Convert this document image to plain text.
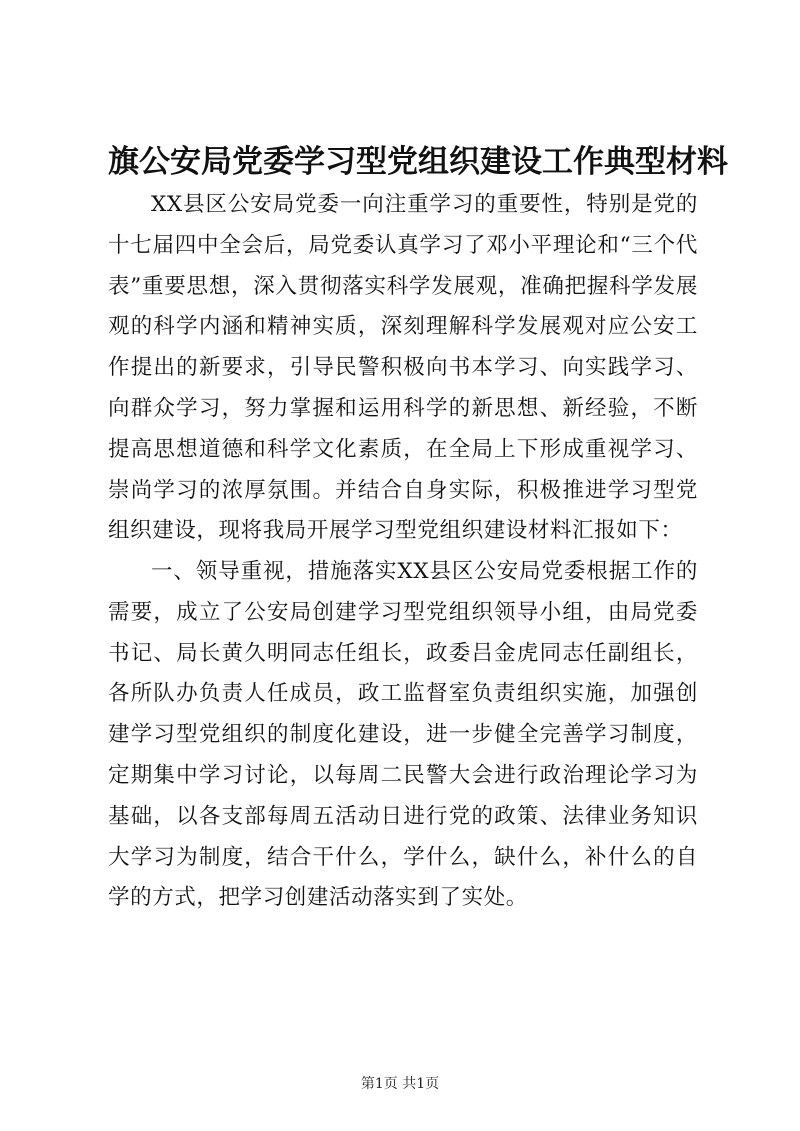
旗公安局党委学习型党组织建设工作典型材料

XX县区公安局党委一向注重学习的重要性，特别是党的十七届四中全会后，局党委认真学习了邓小平理论和“三个代表”重要思想，深入贯彻落实科学发展观，准确把握科学发展观的科学内涵和精神实质，深刻理解科学发展观对应公安工作提出的新要求，引导民警积极向书本学习、向实践学习、向群众学习，努力掌握和运用科学的新思想、新经验，不断提高思想道德和科学文化素质，在全局上下形成重视学习、崇尚学习的浓厚氛围。并结合自身实际，积极推进学习型党组织建设，现将我局开展学习型党组织建设材料汇报如下：

一、领导重视，措施落实XX县区公安局党委根据工作的需要，成立了公安局创建学习型党组织领导小组，由局党委书记、局长黄久明同志任组长，政委吕金虎同志任副组长，各所队办负责人任成员，政工监督室负责组织实施，加强创建学习型党组织的制度化建设，进一步健全完善学习制度，定期集中学习讨论，以每周二民警大会进行政治理论学习为基础，以各支部每周五活动日进行党的政策、法律业务知识大学习为制度，结合干什么，学什么，缺什么，补什么的自学的方式，把学习创建活动落实到了实处。

第1页 共1页
